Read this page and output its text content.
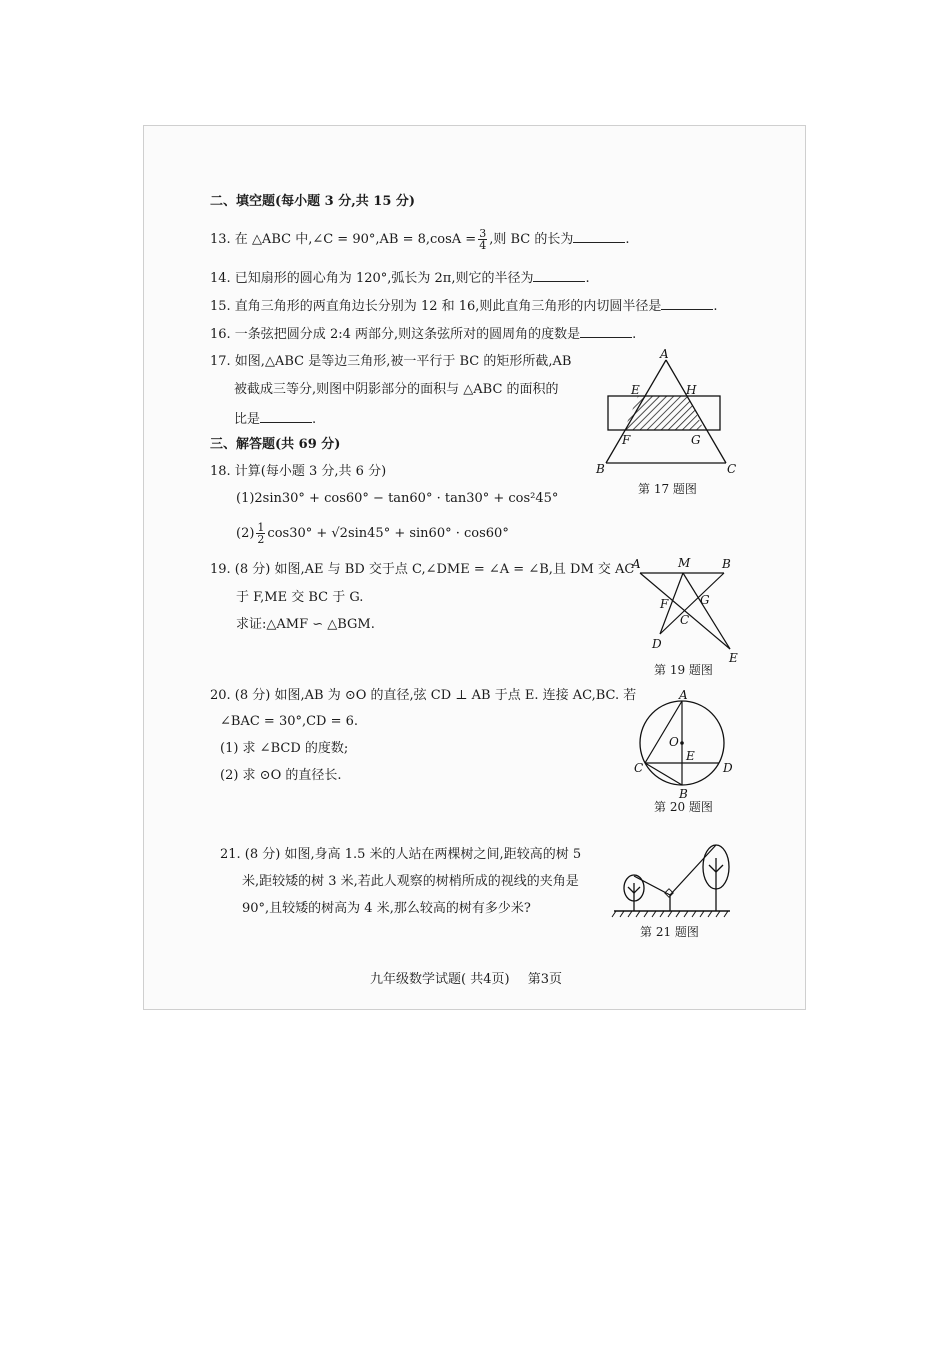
二、填空题(每小题 3 分,共 15 分)
13. 在 △ABC 中,∠C = $90^\circ,AB = 8,\cos A = \frac{3}{4}$ ,则 BC 的长为	.
14. 已知扇形的圆心角为 120°,弧长为 2π,则它的半径为	.
15. 直角三角形的两直角边长分别为 12 和 16,则此直角三角形的内切圆半径是	.
16. 一条弦把圆分成 2:4 两部分,则这条弦所对的圆周角的度数是	.
17. 如图,△ABC 是等边三角形,被一平行于 BC 的矩形所截,AB
被截成三等分,则图中阴影部分的面积与 △ABC 的面积的
比是	.
A
E	H
F	G
B	C
第 17 题图
三、解答题(共 69 分)
18. 计算(每小题 3 分,共 6 分)
(1)2sin30° + cos60° − tan60° · tan30° + cos²45°
$(2) \frac{1}{2} \cos 30^\circ + √2\sin 45^\circ + \sin 60^\circ \cdot \cos 60^\circ$
19. (8 分) 如图,AE 与 BD 交于点 C,∠DME = ∠A = ∠B,且 DM 交 AC
于 F,ME 交 BC 于 G.
求证:△AMF ∽ △BGM.
A	M	B
F	G
C
D
E
第 19 题图
20. (8 分) 如图,AB 为 ⊙O 的直径,弦 CD ⊥ AB 于点 E. 连接 AC,BC. 若
∠BAC = 30°,CD = 6.
(1) 求 ∠BCD 的度数;
(2) 求 ⊙O 的直径长.
A
O
E
C	D
B
第 20 题图
21. (8 分) 如图,身高 1.5 米的人站在两棵树之间,距较高的树 5
米,距较矮的树 3 米,若此人观察的树梢所成的视线的夹角是
90°,且较矮的树高为 4 米,那么较高的树有多少米?
第 21 题图
九年级数学试题( 共4页) 第3页
